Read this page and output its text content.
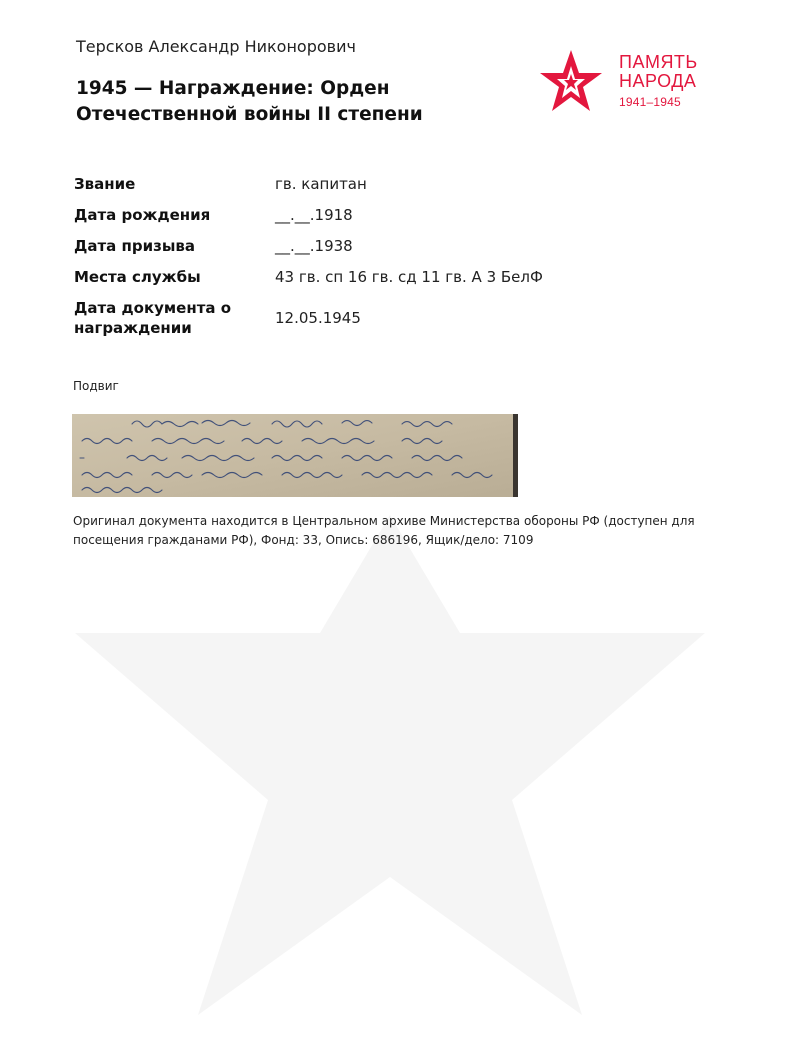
Терсков Александр Никонорович
1945 — Награждение: Орден Отечественной войны II степени
ПАМЯТЬ
НАРОДА
1941–1945
Звание	гв. капитан
Дата рождения	__.__.1918
Дата призыва	__.__.1938
Места службы	43 гв. сп 16 гв. сд 11 гв. А 3 БелФ
Дата документа о награждении	12.05.1945
Подвиг
Оригинал документа находится в Центральном архиве Министерства обороны РФ (доступен для посещения гражданами РФ), Фонд: 33, Опись: 686196, Ящик/дело: 7109
